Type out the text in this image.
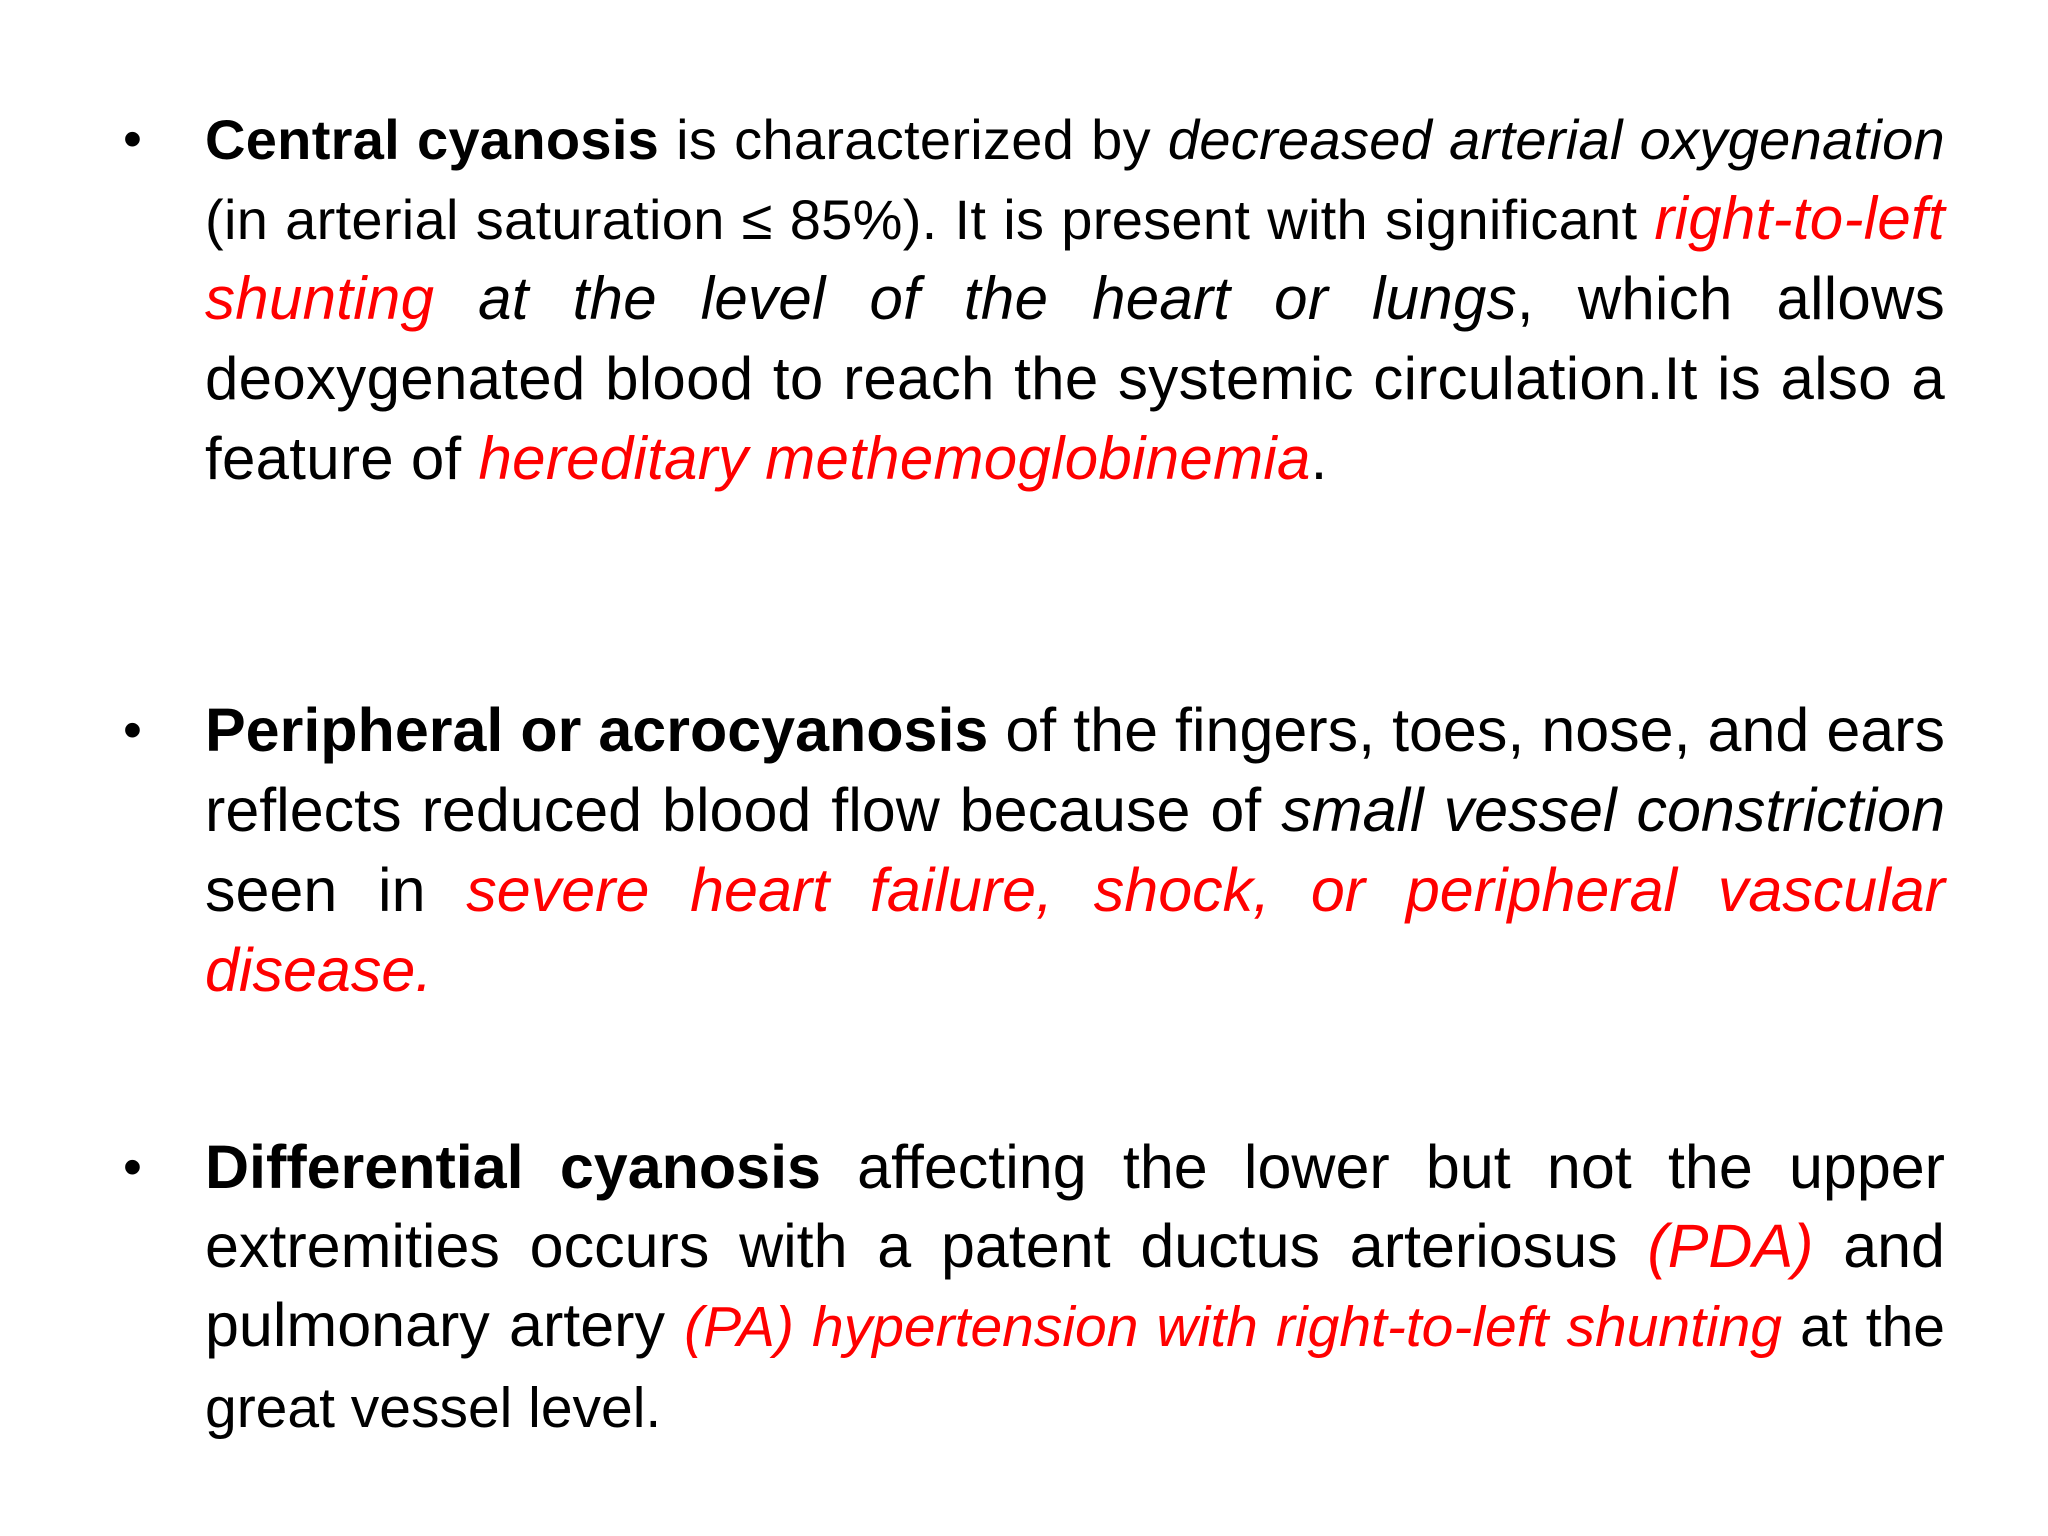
•	Central cyanosis is characterized by decreased arterial oxygenation (in arterial saturation ≤ 85%). It is present with significant right-to-left shunting at the level of the heart or lungs, which allows deoxygenated blood to reach the systemic circulation.It is also a feature of hereditary methemoglobinemia.
•	Peripheral or acrocyanosis of the fingers, toes, nose, and ears reflects reduced blood flow because of small vessel constriction seen in severe heart failure, shock, or peripheral vascular disease.
•	Differential cyanosis affecting the lower but not the upper extremities occurs with a patent ductus arteriosus (PDA) and pulmonary artery (PA) hypertension with right-to-left shunting at the great vessel level.
